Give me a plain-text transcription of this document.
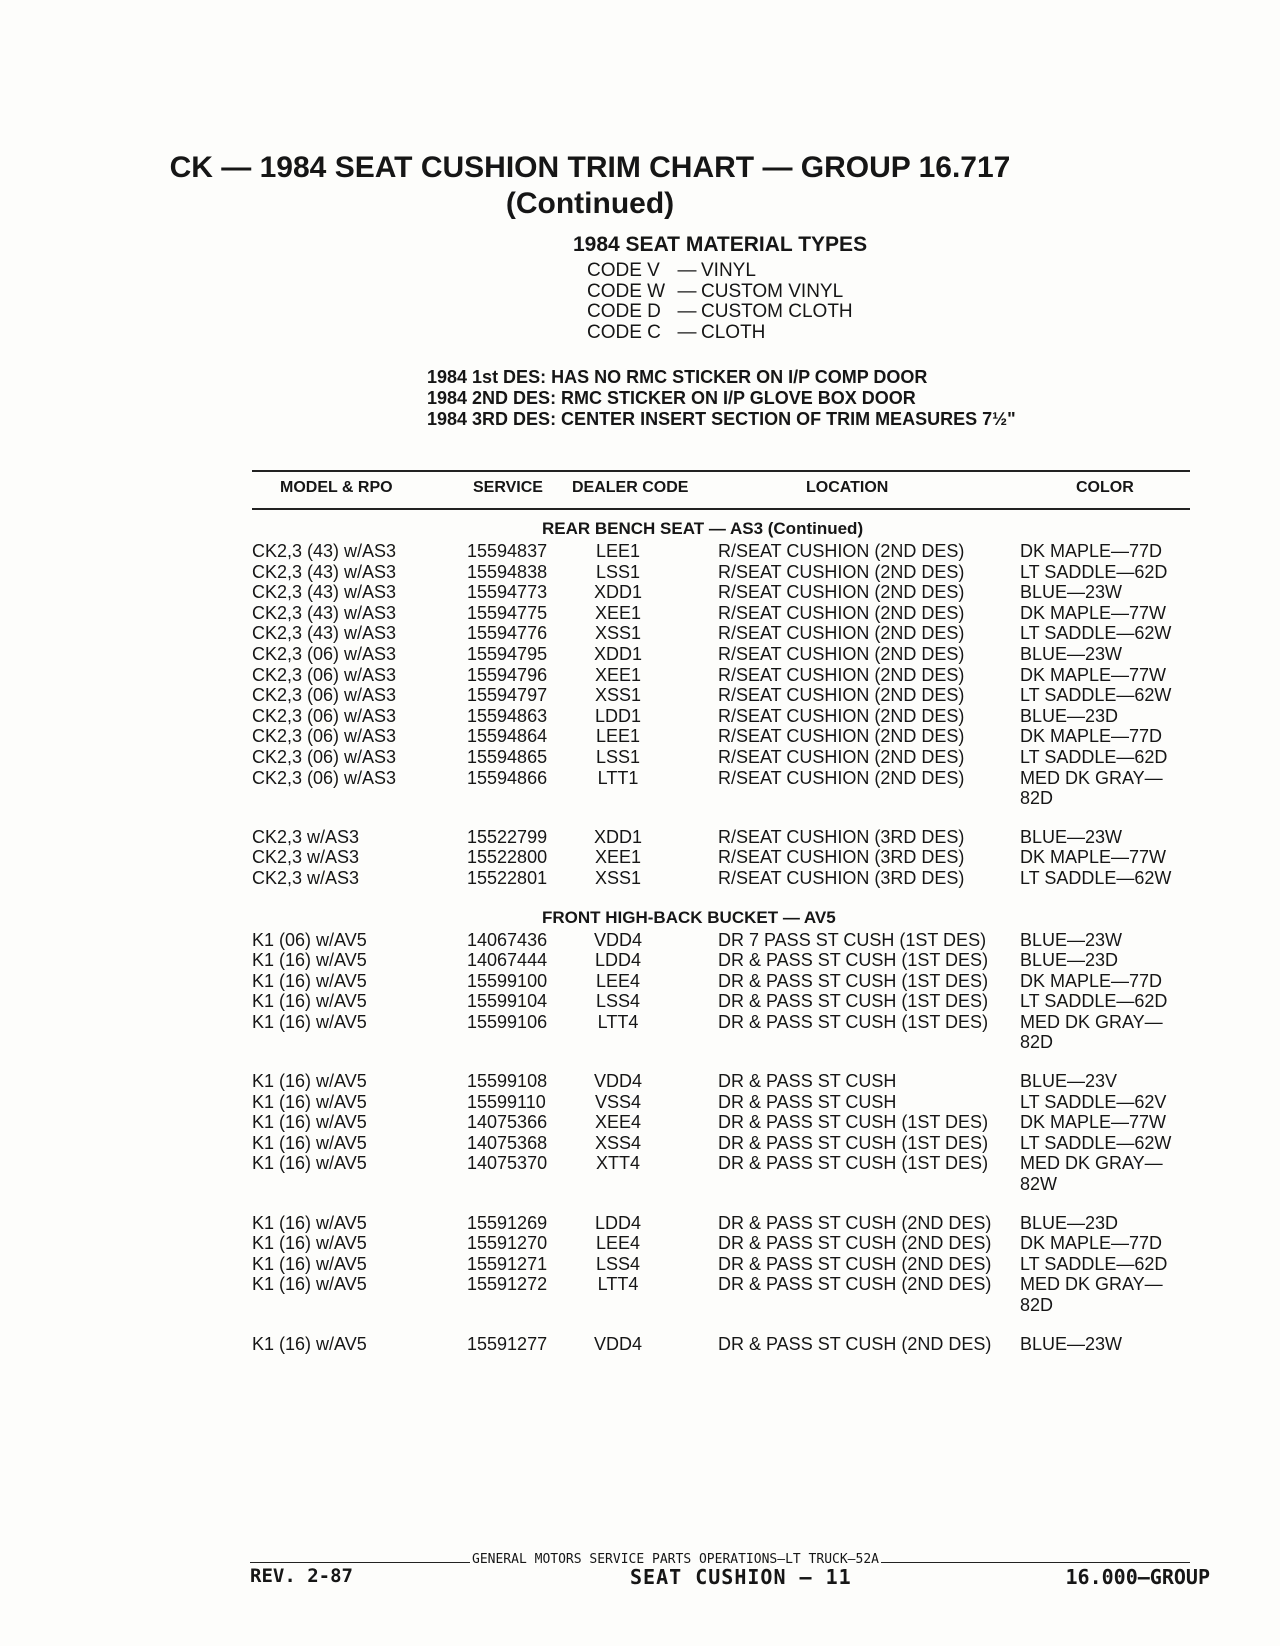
CK — 1984 SEAT CUSHION TRIM CHART — GROUP 16.717
(Continued)
1984 SEAT MATERIAL TYPES
CODE V — VINYL
CODE W — CUSTOM VINYL
CODE D — CUSTOM CLOTH
CODE C — CLOTH
1984 1st DES: HAS NO RMC STICKER ON I/P COMP DOOR
1984 2ND DES: RMC STICKER ON I/P GLOVE BOX DOOR
1984 3RD DES: CENTER INSERT SECTION OF TRIM MEASURES 7½"
MODEL & RPO	SERVICE DEALER CODE	LOCATION	COLOR
REAR BENCH SEAT — AS3 (Continued)
CK2,3 (43) w/AS3	15594837	LEE1	R/SEAT CUSHION (2ND DES)	DK MAPLE—77D
CK2,3 (43) w/AS3	15594838	LSS1	R/SEAT CUSHION (2ND DES)	LT SADDLE—62D
CK2,3 (43) w/AS3	15594773	XDD1	R/SEAT CUSHION (2ND DES)	BLUE—23W
CK2,3 (43) w/AS3	15594775	XEE1	R/SEAT CUSHION (2ND DES)	DK MAPLE—77W
CK2,3 (43) w/AS3	15594776	XSS1	R/SEAT CUSHION (2ND DES)	LT SADDLE—62W
CK2,3 (06) w/AS3	15594795	XDD1	R/SEAT CUSHION (2ND DES)	BLUE—23W
CK2,3 (06) w/AS3	15594796	XEE1	R/SEAT CUSHION (2ND DES)	DK MAPLE—77W
CK2,3 (06) w/AS3	15594797	XSS1	R/SEAT CUSHION (2ND DES)	LT SADDLE—62W
CK2,3 (06) w/AS3	15594863	LDD1	R/SEAT CUSHION (2ND DES)	BLUE—23D
CK2,3 (06) w/AS3	15594864	LEE1	R/SEAT CUSHION (2ND DES)	DK MAPLE—77D
CK2,3 (06) w/AS3	15594865	LSS1	R/SEAT CUSHION (2ND DES)	LT SADDLE—62D
CK2,3 (06) w/AS3	15594866	LTT1	R/SEAT CUSHION (2ND DES)	MED DK GRAY— 82D
CK2,3 w/AS3	15522799	XDD1	R/SEAT CUSHION (3RD DES)	BLUE—23W
CK2,3 w/AS3	15522800	XEE1	R/SEAT CUSHION (3RD DES)	DK MAPLE—77W
CK2,3 w/AS3	15522801	XSS1	R/SEAT CUSHION (3RD DES)	LT SADDLE—62W
FRONT HIGH-BACK BUCKET — AV5
K1 (06) w/AV5	14067436	VDD4	DR 7 PASS ST CUSH (1ST DES) BLUE—23W
K1 (16) w/AV5	14067444	LDD4	DR & PASS ST CUSH (1ST DES) BLUE—23D
K1 (16) w/AV5	15599100	LEE4	DR & PASS ST CUSH (1ST DES) DK MAPLE—77D
K1 (16) w/AV5	15599104	LSS4	DR & PASS ST CUSH (1ST DES) LT SADDLE—62D
K1 (16) w/AV5	15599106	LTT4	DR & PASS ST CUSH (1ST DES) MED DK GRAY— 82D
K1 (16) w/AV5	15599108	VDD4	DR & PASS ST CUSH	BLUE—23V
K1 (16) w/AV5	15599110	VSS4	DR & PASS ST CUSH	LT SADDLE—62V
K1 (16) w/AV5	14075366	XEE4	DR & PASS ST CUSH (1ST DES) DK MAPLE—77W
K1 (16) w/AV5	14075368	XSS4	DR & PASS ST CUSH (1ST DES) LT SADDLE—62W
K1 (16) w/AV5	14075370	XTT4	DR & PASS ST CUSH (1ST DES) MED DK GRAY— 82W
K1 (16) w/AV5	15591269	LDD4	DR & PASS ST CUSH (2ND DES) BLUE—23D
K1 (16) w/AV5	15591270	LEE4	DR & PASS ST CUSH (2ND DES) DK MAPLE—77D
K1 (16) w/AV5	15591271	LSS4	DR & PASS ST CUSH (2ND DES) LT SADDLE—62D
K1 (16) w/AV5	15591272	LTT4	DR & PASS ST CUSH (2ND DES) MED DK GRAY— 82D
K1 (16) w/AV5	15591277	VDD4	DR & PASS ST CUSH (2ND DES) BLUE—23W
GENERAL MOTORS SERVICE PARTS OPERATIONS—LT TRUCK—52A
REV. 2-87	SEAT CUSHION — 11	16.000—GROUP
